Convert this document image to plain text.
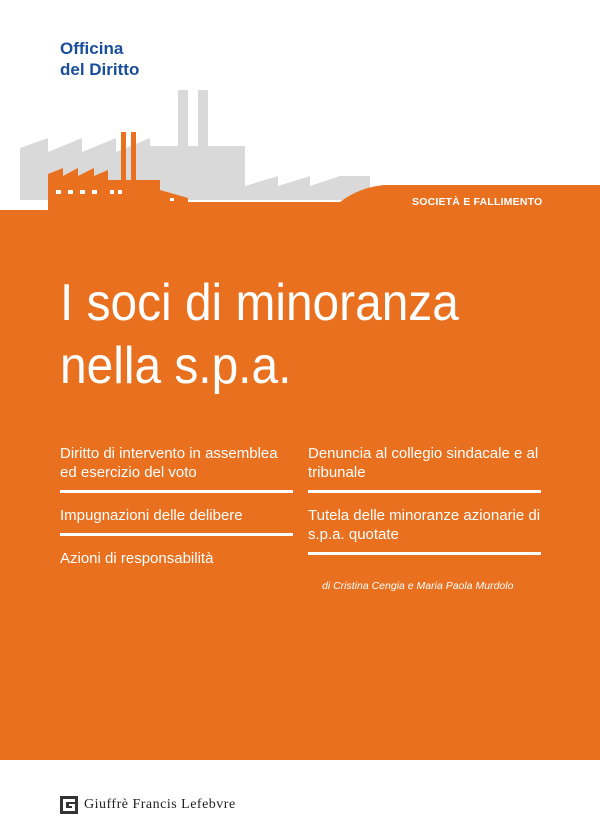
Officina
del Diritto
SOCIETÀ E FALLIMENTO
I soci di minoranza
nella s.p.a.
Diritto di intervento in assemblea ed esercizio del voto
Impugnazioni delle delibere
Azioni di responsabilità
Denuncia al collegio sindacale e al tribunale
Tutela delle minoranze azionarie di s.p.a. quotate
di Cristina Cengia e Maria Paola Murdolo
Giuffrè Francis Lefebvre
